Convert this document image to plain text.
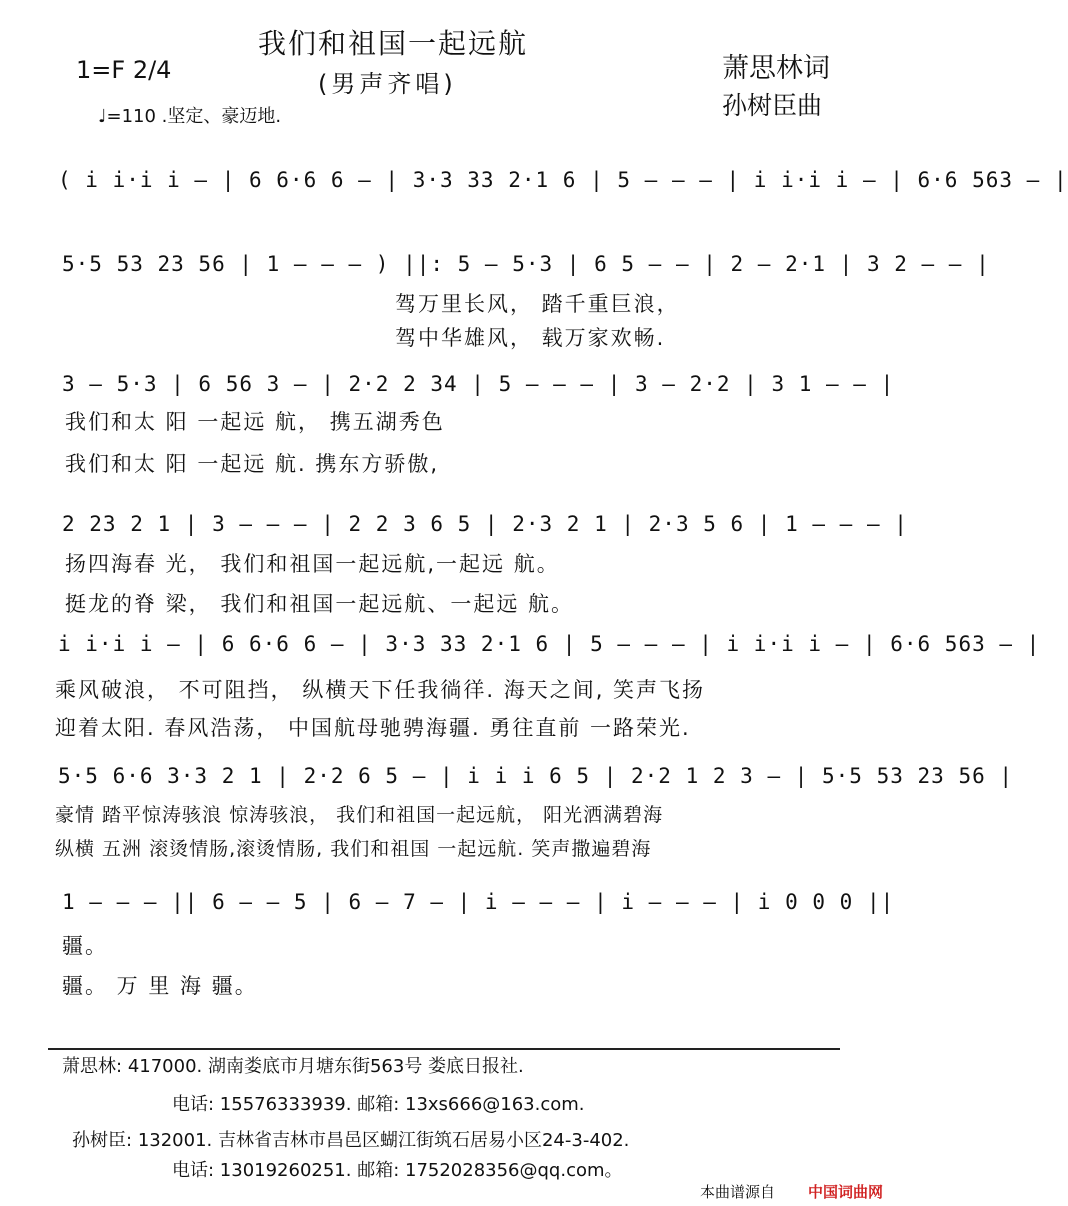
我们和祖国一起远航
(男声齐唱)
1=F 2/4
♩=110 .坚定、豪迈地.
萧思林词
孙树臣曲
( i i·i i — | 6 6·6 6 — | 3·3 33 2·1 6 | 5 — — — | i i·i i — | 6·6 563 — |
5·5 53 23 56 | 1 — — — ) ||: 5 — 5·3 | 6 5 — — | 2 — 2·1 | 3 2 — — |
驾万里长风， 踏千重巨浪，
驾中华雄风， 载万家欢畅.
3 — 5·3 | 6 56 3 — | 2·2 2 34 | 5 — — — | 3 — 2·2 | 3 1 — — |
我们和太 阳 一起远 航， 携五湖秀色
我们和太 阳 一起远 航. 携东方骄傲,
2 23 2 1 | 3 — — — | 2 2 3 6 5 | 2·3 2 1 | 2·3 5 6 | 1 — — — |
扬四海春 光， 我们和祖国一起远航,一起远 航。
挺龙的脊 梁， 我们和祖国一起远航、一起远 航。
i i·i i — | 6 6·6 6 — | 3·3 33 2·1 6 | 5 — — — | i i·i i — | 6·6 563 — |
乘风破浪， 不可阻挡， 纵横天下任我徜徉. 海天之间, 笑声飞扬
迎着太阳. 春风浩荡， 中国航母驰骋海疆. 勇往直前 一路荣光.
5·5 6·6 3·3 2 1 | 2·2 6 5 — | i i i 6 5 | 2·2 1 2 3 — | 5·5 53 23 56 |
豪情 踏平惊涛骇浪 惊涛骇浪， 我们和祖国一起远航， 阳光洒满碧海
纵横 五洲 滚烫情肠,滚烫情肠, 我们和祖国 一起远航. 笑声撒遍碧海
1 — — — || 6 — — 5 | 6 — 7 — | i — — — | i — — — | i 0 0 0 ||
疆。
疆。 万 里 海 疆。
萧思林: 417000. 湖南娄底市月塘东街563号 娄底日报社.
电话: 15576333939. 邮箱: 13xs666@163.com.
孙树臣: 132001. 吉林省吉林市昌邑区蝴江街筑石居易小区24-3-402.
电话: 13019260251. 邮箱: 1752028356@qq.com。
本曲谱源自 中国词曲网
